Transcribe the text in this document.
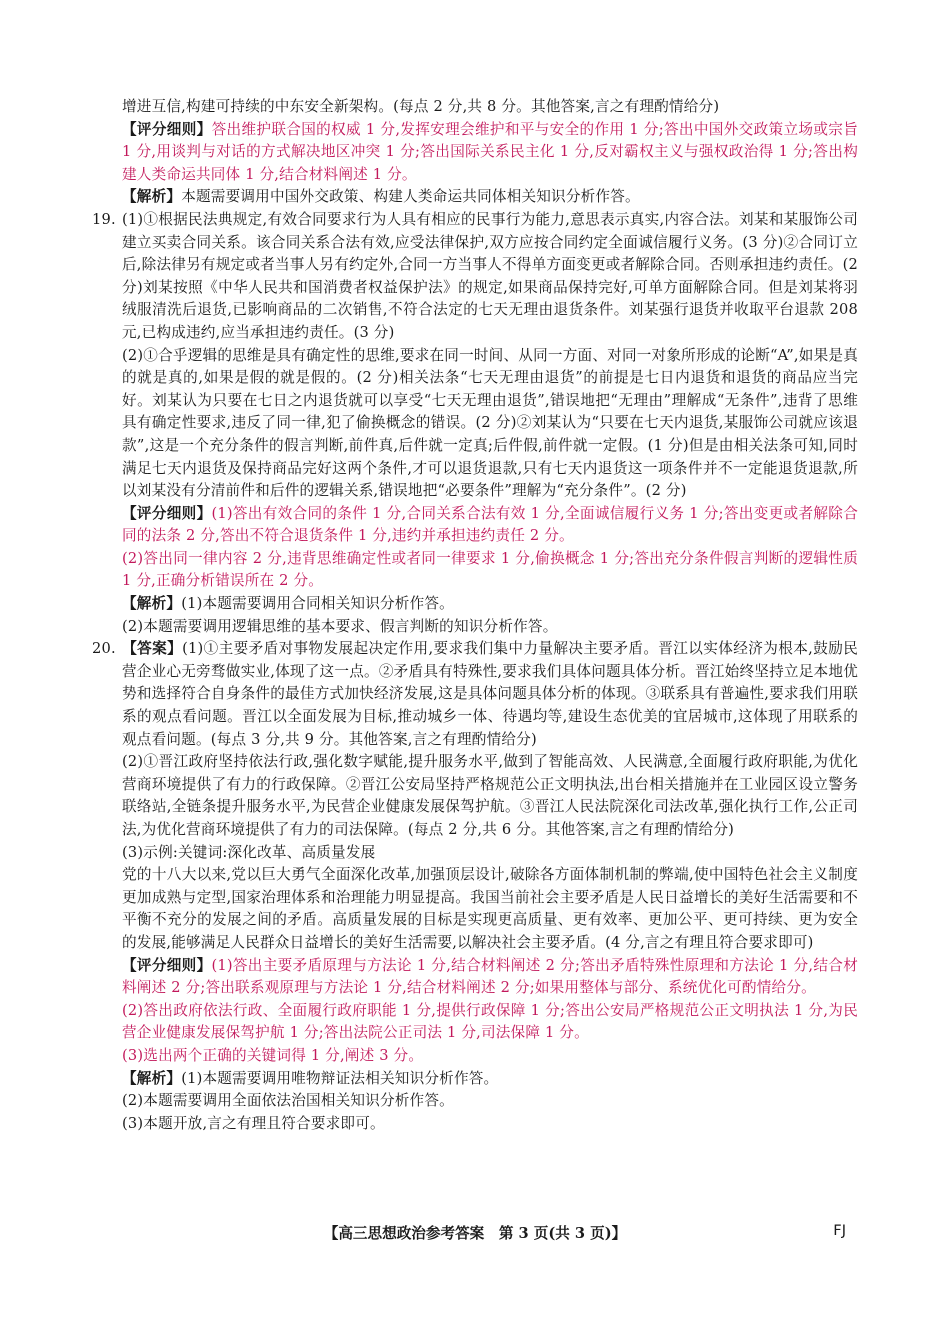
增进互信,构建可持续的中东安全新架构。(每点 2 分,共 8 分。其他答案,言之有理酌情给分)

【评分细则】答出维护联合国的权威 1 分,发挥安理会维护和平与安全的作用 1 分;答出中国外交政策立场或宗旨 1 分,用谈判与对话的方式解决地区冲突 1 分;答出国际关系民主化 1 分,反对霸权主义与强权政治得 1 分;答出构建人类命运共同体 1 分,结合材料阐述 1 分。

【解析】本题需要调用中国外交政策、构建人类命运共同体相关知识分析作答。

19. (1)①根据民法典规定,有效合同要求行为人具有相应的民事行为能力,意思表示真实,内容合法。刘某和某服饰公司建立买卖合同关系。该合同关系合法有效,应受法律保护,双方应按合同约定全面诚信履行义务。(3 分)②合同订立后,除法律另有规定或者当事人另有约定外,合同一方当事人不得单方面变更或者解除合同。否则承担违约责任。(2 分)刘某按照《中华人民共和国消费者权益保护法》的规定,如果商品保持完好,可单方面解除合同。但是刘某将羽绒服清洗后退货,已影响商品的二次销售,不符合法定的七天无理由退货条件。刘某强行退货并收取平台退款 208 元,已构成违约,应当承担违约责任。(3 分)

(2)①合乎逻辑的思维是具有确定性的思维,要求在同一时间、从同一方面、对同一对象所形成的论断“A”,如果是真的就是真的,如果是假的就是假的。(2 分)相关法条“七天无理由退货”的前提是七日内退货和退货的商品应当完好。刘某认为只要在七日之内退货就可以享受“七天无理由退货”,错误地把“无理由”理解成“无条件”,违背了思维具有确定性要求,违反了同一律,犯了偷换概念的错误。(2 分)②刘某认为“只要在七天内退货,某服饰公司就应该退款”,这是一个充分条件的假言判断,前件真,后件就一定真;后件假,前件就一定假。(1 分)但是由相关法条可知,同时满足七天内退货及保持商品完好这两个条件,才可以退货退款,只有七天内退货这一项条件并不一定能退货退款,所以刘某没有分清前件和后件的逻辑关系,错误地把“必要条件”理解为“充分条件”。(2 分)

【评分细则】(1)答出有效合同的条件 1 分,合同关系合法有效 1 分,全面诚信履行义务 1 分;答出变更或者解除合同的法条 2 分,答出不符合退货条件 1 分,违约并承担违约责任 2 分。

(2)答出同一律内容 2 分,违背思维确定性或者同一律要求 1 分,偷换概念 1 分;答出充分条件假言判断的逻辑性质 1 分,正确分析错误所在 2 分。

【解析】(1)本题需要调用合同相关知识分析作答。

(2)本题需要调用逻辑思维的基本要求、假言判断的知识分析作答。

20. 【答案】(1)①主要矛盾对事物发展起决定作用,要求我们集中力量解决主要矛盾。晋江以实体经济为根本,鼓励民营企业心无旁骛做实业,体现了这一点。②矛盾具有特殊性,要求我们具体问题具体分析。晋江始终坚持立足本地优势和选择符合自身条件的最佳方式加快经济发展,这是具体问题具体分析的体现。③联系具有普遍性,要求我们用联系的观点看问题。晋江以全面发展为目标,推动城乡一体、待遇均等,建设生态优美的宜居城市,这体现了用联系的观点看问题。(每点 3 分,共 9 分。其他答案,言之有理酌情给分)

(2)①晋江政府坚持依法行政,强化数字赋能,提升服务水平,做到了智能高效、人民满意,全面履行政府职能,为优化营商环境提供了有力的行政保障。②晋江公安局坚持严格规范公正文明执法,出台相关措施并在工业园区设立警务联络站,全链条提升服务水平,为民营企业健康发展保驾护航。③晋江人民法院深化司法改革,强化执行工作,公正司法,为优化营商环境提供了有力的司法保障。(每点 2 分,共 6 分。其他答案,言之有理酌情给分)

(3)示例:关键词:深化改革、高质量发展

党的十八大以来,党以巨大勇气全面深化改革,加强顶层设计,破除各方面体制机制的弊端,使中国特色社会主义制度更加成熟与定型,国家治理体系和治理能力明显提高。我国当前社会主要矛盾是人民日益增长的美好生活需要和不平衡不充分的发展之间的矛盾。高质量发展的目标是实现更高质量、更有效率、更加公平、更可持续、更为安全的发展,能够满足人民群众日益增长的美好生活需要,以解决社会主要矛盾。(4 分,言之有理且符合要求即可)

【评分细则】(1)答出主要矛盾原理与方法论 1 分,结合材料阐述 2 分;答出矛盾特殊性原理和方法论 1 分,结合材料阐述 2 分;答出联系观原理与方法论 1 分,结合材料阐述 2 分;如果用整体与部分、系统优化可酌情给分。

(2)答出政府依法行政、全面履行政府职能 1 分,提供行政保障 1 分;答出公安局严格规范公正文明执法 1 分,为民营企业健康发展保驾护航 1 分;答出法院公正司法 1 分,司法保障 1 分。

(3)选出两个正确的关键词得 1 分,阐述 3 分。

【解析】(1)本题需要调用唯物辩证法相关知识分析作答。

(2)本题需要调用全面依法治国相关知识分析作答。

(3)本题开放,言之有理且符合要求即可。

【高三思想政治参考答案　第 3 页(共 3 页)】	FJ
